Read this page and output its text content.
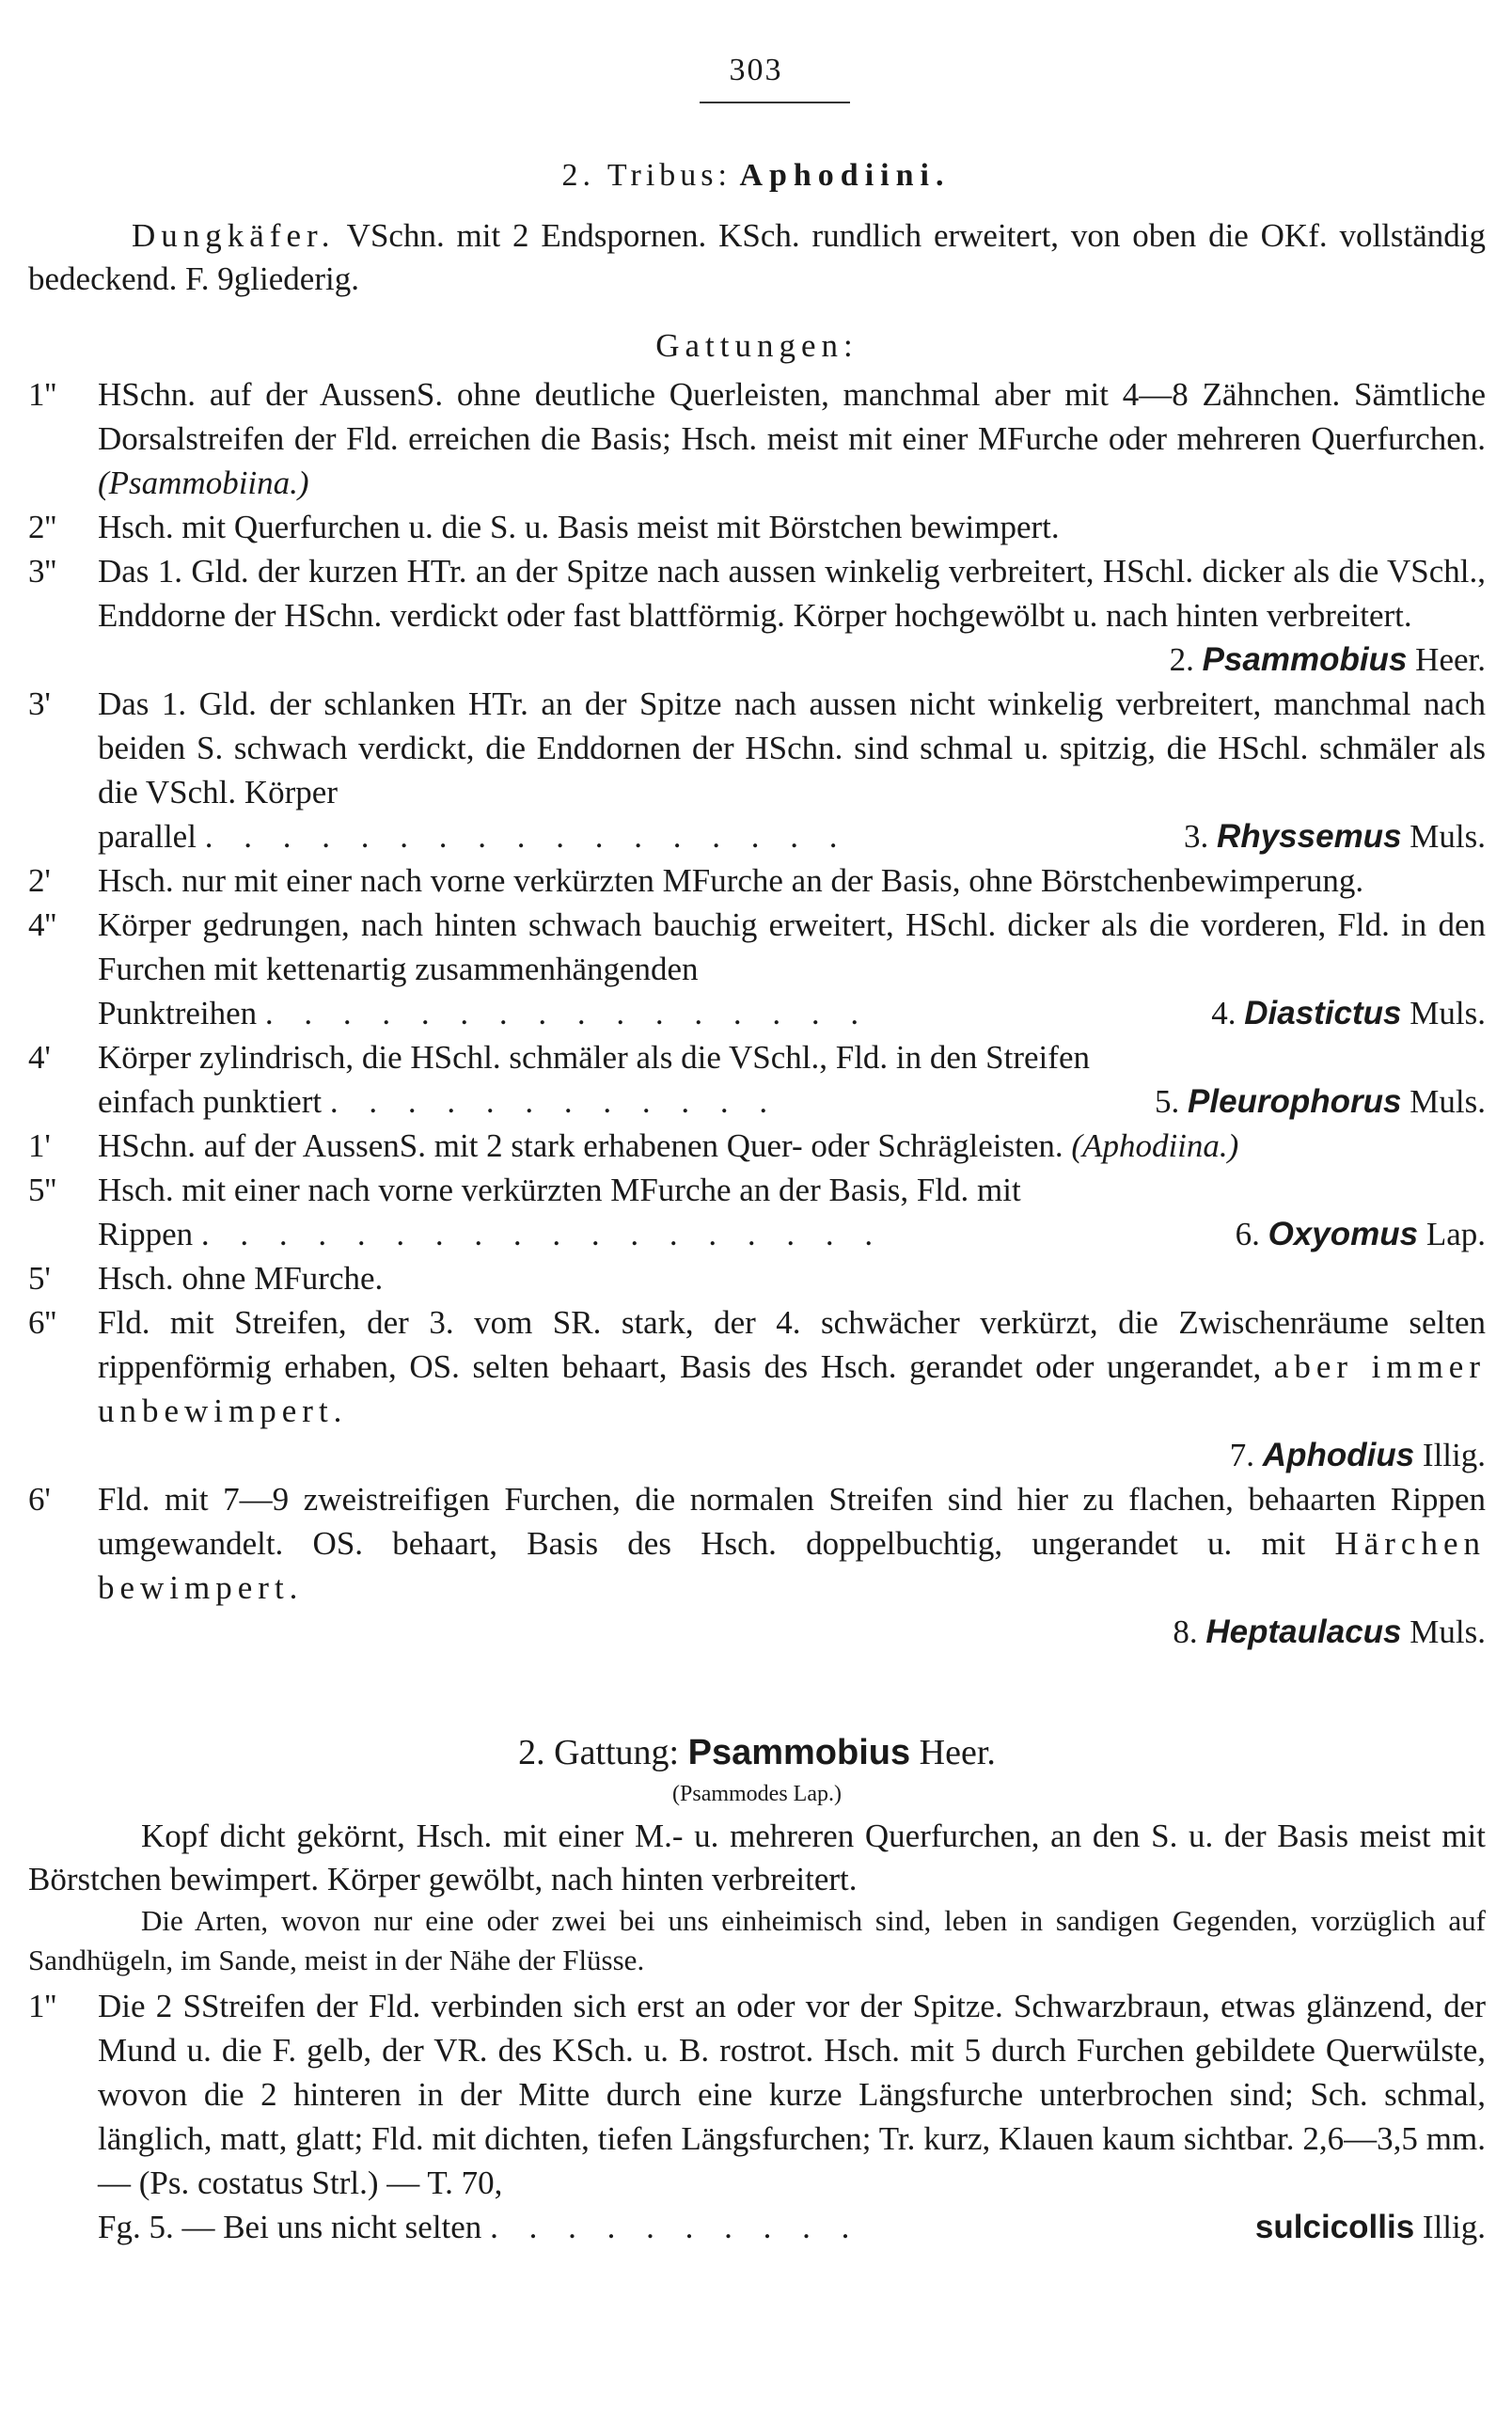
303
2. Tribus: Aphodiini.
Dungkäfer. VSchn. mit 2 Endspornen. KSch. rundlich erweitert, von oben die OKf. vollständig bedeckend. F. 9gliederig.
Gattungen:
1'' HSchn. auf der AussenS. ohne deutliche Querleisten, manchmal aber mit 4—8 Zähnchen. Sämtliche Dorsalstreifen der Fld. erreichen die Basis; Hsch. meist mit einer MFurche oder mehreren Querfurchen. (Psammobiina.)
2'' Hsch. mit Querfurchen u. die S. u. Basis meist mit Börstchen bewimpert.
3'' Das 1. Gld. der kurzen HTr. an der Spitze nach aussen winkelig verbreitert, HSchl. dicker als die VSchl., Enddorne der HSchn. verdickt oder fast blattförmig. Körper hochgewölbt u. nach hinten verbreitert.
2. Psammobius Heer.
3' Das 1. Gld. der schlanken HTr. an der Spitze nach aussen nicht winkelig verbreitert, manchmal nach beiden S. schwach verdickt, die Enddornen der HSchn. sind schmal u. spitzig, die HSchl. schmäler als die VSchl. Körper
parallel . . . . . . . . . . . . . . . . .	3. Rhyssemus Muls.
2' Hsch. nur mit einer nach vorne verkürzten MFurche an der Basis, ohne Börstchenbewimperung.
4'' Körper gedrungen, nach hinten schwach bauchig erweitert, HSchl. dicker als die vorderen, Fld. in den Furchen mit kettenartig zusammenhängenden
Punktreihen . . . . . . . . . . . . . . . .	4. Diastictus Muls.
4' Körper zylindrisch, die HSchl. schmäler als die VSchl., Fld. in den Streifen
einfach punktiert . . . . . . . . . . . .	5. Pleurophorus Muls.
1' HSchn. auf der AussenS. mit 2 stark erhabenen Quer- oder Schrägleisten. (Aphodiina.)
5'' Hsch. mit einer nach vorne verkürzten MFurche an der Basis, Fld. mit
Rippen . . . . . . . . . . . . . . . . . .	6. Oxyomus Lap.
5' Hsch. ohne MFurche.
6'' Fld. mit Streifen, der 3. vom SR. stark, der 4. schwächer verkürzt, die Zwischenräume selten rippenförmig erhaben, OS. selten behaart, Basis des Hsch. gerandet oder ungerandet, aber immer unbewimpert.
7. Aphodius Illig.
6' Fld. mit 7—9 zweistreifigen Furchen, die normalen Streifen sind hier zu flachen, behaarten Rippen umgewandelt. OS. behaart, Basis des Hsch. doppelbuchtig, ungerandet u. mit Härchen bewimpert.
8. Heptaulacus Muls.
2. Gattung: Psammobius Heer.
(Psammodes Lap.)
Kopf dicht gekörnt, Hsch. mit einer M.- u. mehreren Querfurchen, an den S. u. der Basis meist mit Börstchen bewimpert. Körper gewölbt, nach hinten verbreitert.
Die Arten, wovon nur eine oder zwei bei uns einheimisch sind, leben in sandigen Gegenden, vorzüglich auf Sandhügeln, im Sande, meist in der Nähe der Flüsse.
1'' Die 2 SStreifen der Fld. verbinden sich erst an oder vor der Spitze. Schwarzbraun, etwas glänzend, der Mund u. die F. gelb, der VR. des KSch. u. B. rostrot. Hsch. mit 5 durch Furchen gebildete Querwülste, wovon die 2 hinteren in der Mitte durch eine kurze Längsfurche unterbrochen sind; Sch. schmal, länglich, matt, glatt; Fld. mit dichten, tiefen Längsfurchen; Tr. kurz, Klauen kaum sichtbar. 2,6—3,5 mm. — (Ps. costatus Strl.) — T. 70,
Fg. 5. — Bei uns nicht selten . . . . . . . . . .	sulcicollis Illig.
